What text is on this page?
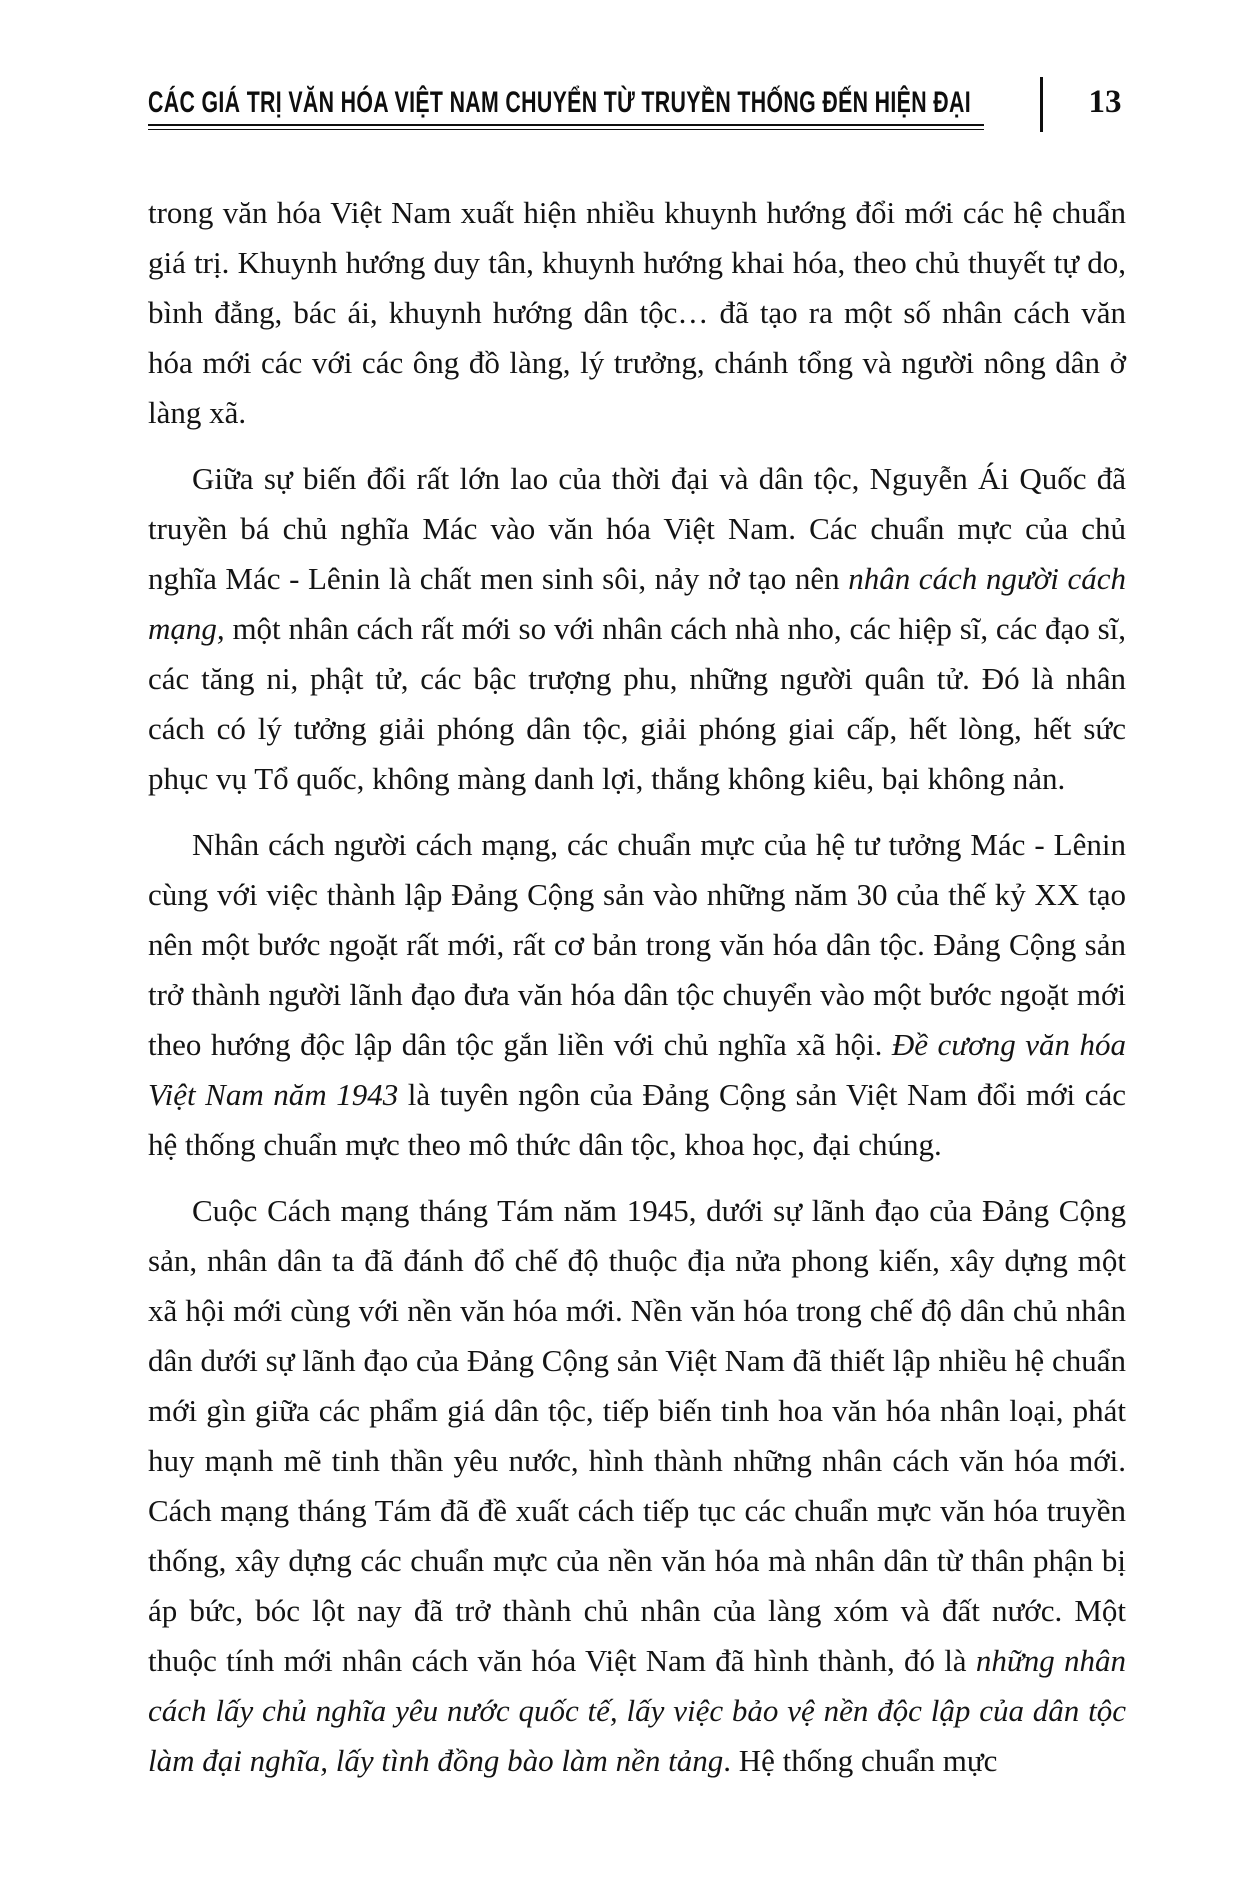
CÁC GIÁ TRỊ VĂN HÓA VIỆT NAM CHUYỂN TỪ TRUYỀN THỐNG ĐẾN HIỆN ĐẠI	13

trong văn hóa Việt Nam xuất hiện nhiều khuynh hướng đổi mới các hệ chuẩn giá trị. Khuynh hướng duy tân, khuynh hướng khai hóa, theo chủ thuyết tự do, bình đẳng, bác ái, khuynh hướng dân tộc… đã tạo ra một số nhân cách văn hóa mới các với các ông đồ làng, lý trưởng, chánh tổng và người nông dân ở làng xã.

Giữa sự biến đổi rất lớn lao của thời đại và dân tộc, Nguyễn Ái Quốc đã truyền bá chủ nghĩa Mác vào văn hóa Việt Nam. Các chuẩn mực của chủ nghĩa Mác - Lênin là chất men sinh sôi, nảy nở tạo nên nhân cách người cách mạng, một nhân cách rất mới so với nhân cách nhà nho, các hiệp sĩ, các đạo sĩ, các tăng ni, phật tử, các bậc trượng phu, những người quân tử. Đó là nhân cách có lý tưởng giải phóng dân tộc, giải phóng giai cấp, hết lòng, hết sức phục vụ Tổ quốc, không màng danh lợi, thắng không kiêu, bại không nản.

Nhân cách người cách mạng, các chuẩn mực của hệ tư tưởng Mác - Lênin cùng với việc thành lập Đảng Cộng sản vào những năm 30 của thế kỷ XX tạo nên một bước ngoặt rất mới, rất cơ bản trong văn hóa dân tộc. Đảng Cộng sản trở thành người lãnh đạo đưa văn hóa dân tộc chuyển vào một bước ngoặt mới theo hướng độc lập dân tộc gắn liền với chủ nghĩa xã hội. Đề cương văn hóa Việt Nam năm 1943 là tuyên ngôn của Đảng Cộng sản Việt Nam đổi mới các hệ thống chuẩn mực theo mô thức dân tộc, khoa học, đại chúng.

Cuộc Cách mạng tháng Tám năm 1945, dưới sự lãnh đạo của Đảng Cộng sản, nhân dân ta đã đánh đổ chế độ thuộc địa nửa phong kiến, xây dựng một xã hội mới cùng với nền văn hóa mới. Nền văn hóa trong chế độ dân chủ nhân dân dưới sự lãnh đạo của Đảng Cộng sản Việt Nam đã thiết lập nhiều hệ chuẩn mới gìn giữa các phẩm giá dân tộc, tiếp biến tinh hoa văn hóa nhân loại, phát huy mạnh mẽ tinh thần yêu nước, hình thành những nhân cách văn hóa mới. Cách mạng tháng Tám đã đề xuất cách tiếp tục các chuẩn mực văn hóa truyền thống, xây dựng các chuẩn mực của nền văn hóa mà nhân dân từ thân phận bị áp bức, bóc lột nay đã trở thành chủ nhân của làng xóm và đất nước. Một thuộc tính mới nhân cách văn hóa Việt Nam đã hình thành, đó là những nhân cách lấy chủ nghĩa yêu nước quốc tế, lấy việc bảo vệ nền độc lập của dân tộc làm đại nghĩa, lấy tình đồng bào làm nền tảng. Hệ thống chuẩn mực
